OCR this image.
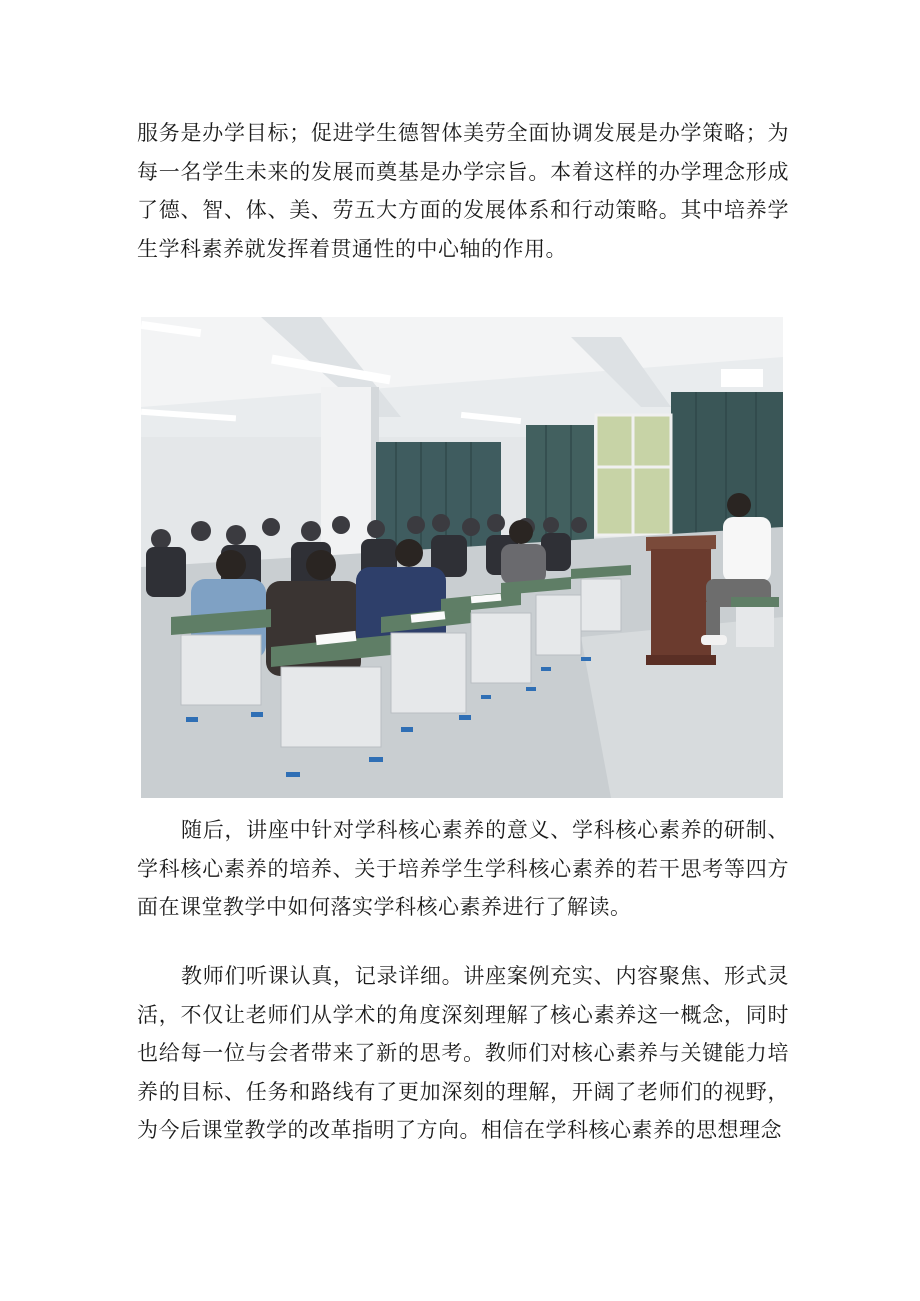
服务是办学目标；促进学生德智体美劳全面协调发展是办学策略；为每一名学生未来的发展而奠基是办学宗旨。本着这样的办学理念形成了德、智、体、美、劳五大方面的发展体系和行动策略。其中培养学生学科素养就发挥着贯通性的中心轴的作用。

随后，讲座中针对学科核心素养的意义、学科核心素养的研制、学科核心素养的培养、关于培养学生学科核心素养的若干思考等四方面在课堂教学中如何落实学科核心素养进行了解读。

教师们听课认真，记录详细。讲座案例充实、内容聚焦、形式灵活，不仅让老师们从学术的角度深刻理解了核心素养这一概念，同时也给每一位与会者带来了新的思考。教师们对核心素养与关键能力培养的目标、任务和路线有了更加深刻的理解，开阔了老师们的视野，为今后课堂教学的改革指明了方向。相信在学科核心素养的思想理念
